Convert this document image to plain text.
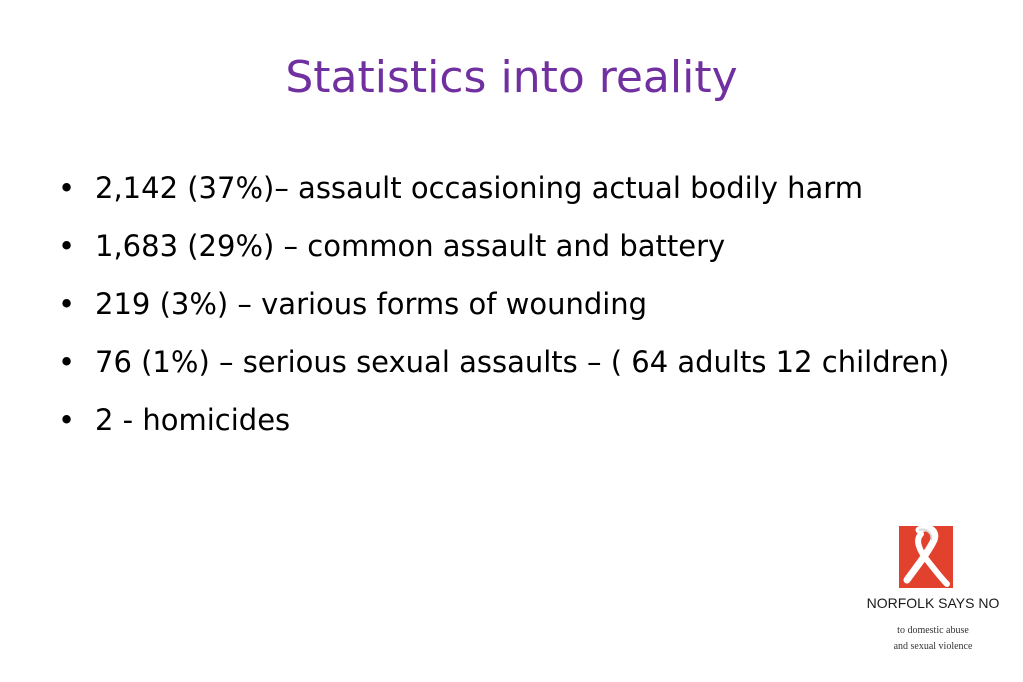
Statistics into reality
• 2,142 (37%)– assault occasioning actual bodily harm
• 1,683 (29%) – common assault and battery
• 219 (3%) – various forms of wounding
• 76 (1%) – serious sexual assaults – ( 64 adults 12 children)
• 2 - homicides
NORFOLK SAYS NO
to domestic abuse
and sexual violence
